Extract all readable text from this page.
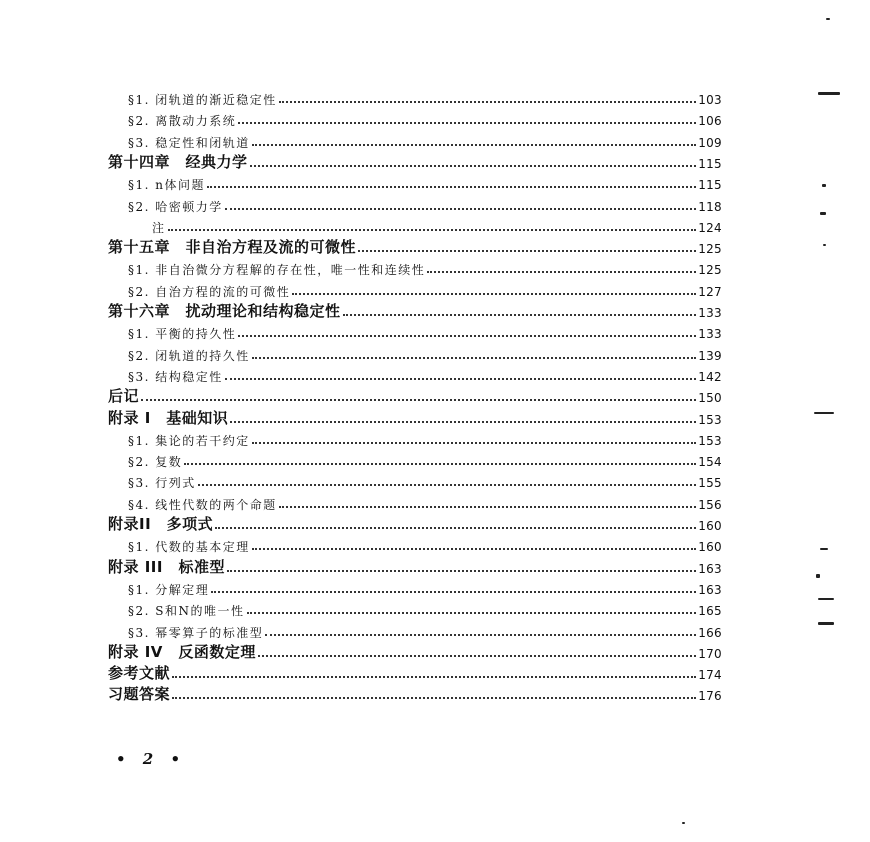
§1. 闭轨道的渐近稳定性	103
§2. 离散动力系统	106
§3. 稳定性和闭轨道	109
第十四章　经典力学	115
§1. n体问题	115
§2. 哈密顿力学	118
注	124
第十五章　非自治方程及流的可微性	125
§1. 非自治微分方程解的存在性，唯一性和连续性	125
§2. 自治方程的流的可微性	127
第十六章　扰动理论和结构稳定性	133
§1. 平衡的持久性	133
§2. 闭轨道的持久性	139
§3. 结构稳定性	142
后记	150
附录 I　基础知识	153
§1. 集论的若干约定	153
§2. 复数	154
§3. 行列式	155
§4. 线性代数的两个命题	156
附录II　多项式	160
§1. 代数的基本定理	160
附录 III　标准型	163
§1. 分解定理	163
§2. S和N的唯一性	165
§3. 幂零算子的标准型	166
附录 IV　反函数定理	170
参考文献	174
习题答案	176
• 2 •
